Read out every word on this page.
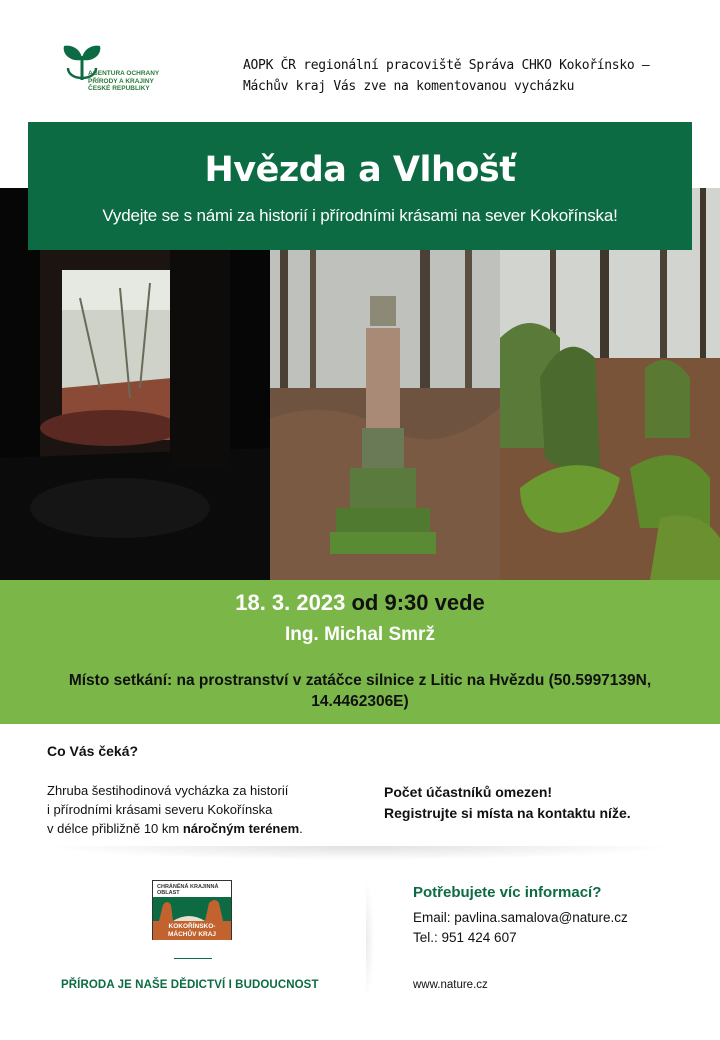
AGENTURA OCHRANY
PŘÍRODY A KRAJINY
ČESKÉ REPUBLIKY
AOPK ČR regionální pracoviště Správa CHKO Kokořínsko –
Máchův kraj Vás zve na komentovanou vycházku
Hvězda a Vlhošť
Vydejte se s námi za historií i přírodními krásami na sever Kokořínska!
18. 3. 2023 od 9:30 vede
Ing. Michal Smrž
Místo setkání: na prostranství v zatáčce silnice z Litic na Hvězdu (50.5997139N,
14.4462306E)
Co Vás čeká?
Zhruba šestihodinová vycházka za historií
i přírodními krásami severu Kokořínska
v délce přibližně 10 km náročným terénem.
Počet účastníků omezen!
Registrujte si místa na kontaktu níže.
CHRÁNĚNÁ KRAJINNÁ
OBLAST
KOKOŘÍNSKO-
MÁCHŮV KRAJ
PŘÍRODA JE NAŠE DĚDICTVÍ I BUDOUCNOST
Potřebujete víc informací?
Email: pavlina.samalova@nature.cz
Tel.: 951 424 607
www.nature.cz
